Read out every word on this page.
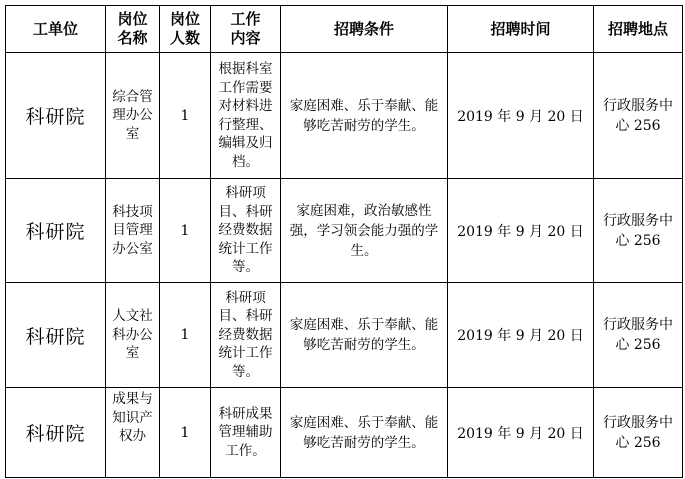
工单位	岗位名称	岗位人数	工作内容	招聘条件	招聘时间	招聘地点
科研院	综合管理办公室	1	根据科室工作需要对材料进行整理、编辑及归档。	家庭困难、乐于奉献、能够吃苦耐劳的学生。	2019 年 9 月 20 日	行政服务中心 256
科研院	科技项目管理办公室	1	科研项目、科研经费数据统计工作等。	家庭困难，政治敏感性强，学习领会能力强的学生。	2019 年 9 月 20 日	行政服务中心 256
科研院	人文社科办公室	1	科研项目、科研经费数据统计工作等。	家庭困难、乐于奉献、能够吃苦耐劳的学生。	2019 年 9 月 20 日	行政服务中心 256
科研院	成果与知识产权办	1	科研成果管理辅助工作。	家庭困难、乐于奉献、能够吃苦耐劳的学生。	2019 年 9 月 20 日	行政服务中心 256
